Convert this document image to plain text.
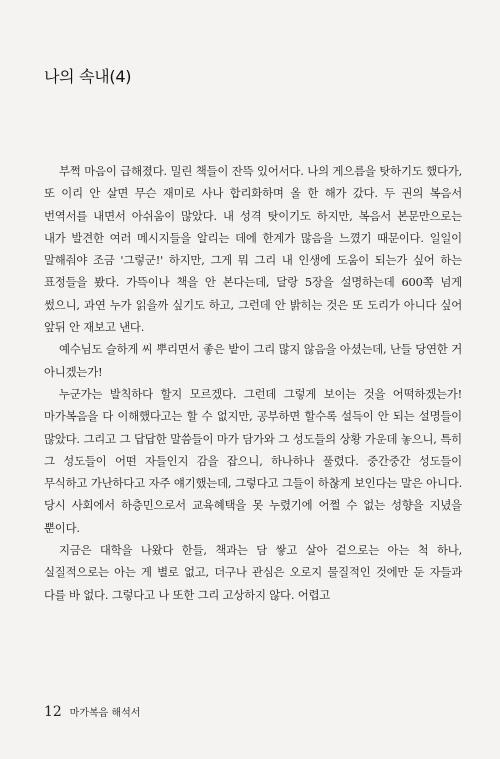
나의 속내(4)

부쩍 마음이 급해졌다. 밀린 책들이 잔뜩 있어서다. 나의 게으름을 탓하기도 했다가, 또 이리 안 살면 무슨 재미로 사나 합리화하며 올 한 해가 갔다. 두 권의 복음서 번역서를 내면서 아쉬움이 많았다. 내 성격 탓이기도 하지만, 복음서 본문만으로는 내가 발견한 여러 메시지들을 알리는 데에 한계가 많음을 느꼈기 때문이다. 일일이 말해줘야 조금 '그렇군!' 하지만, 그게 뭐 그리 내 인생에 도움이 되는가 싶어 하는 표정들을 봤다. 가뜩이나 책을 안 본다는데, 달랑 5장을 설명하는데 600쪽 넘게 썼으니, 과연 누가 읽을까 싶기도 하고, 그런데 안 밝히는 것은 또 도리가 아니다 싶어 앞뒤 안 재보고 낸다.

예수님도 슬하게 씨 뿌리면서 좋은 밭이 그리 많지 않음을 아셨는데, 난들 당연한 거 아니겠는가!

누군가는 발칙하다 할지 모르겠다. 그런데 그렇게 보이는 것을 어떡하겠는가! 마가복음을 다 이해했다고는 할 수 없지만, 공부하면 할수록 설득이 안 되는 설명들이 많았다. 그리고 그 답답한 말씀들이 마가 담가와 그 성도들의 상황 가운데 놓으니, 특히 그 성도들이 어떤 자들인지 감을 잡으니, 하나하나 풀렸다. 중간중간 성도들이 무식하고 가난하다고 자주 얘기했는데, 그렇다고 그들이 하찮게 보인다는 말은 아니다. 당시 사회에서 하층민으로서 교육혜택을 못 누렸기에 어쩔 수 없는 성향을 지녔을 뿐이다.

지금은 대학을 나왔다 한들, 책과는 담 쌓고 살아 겉으로는 아는 척 하나, 실질적으로는 아는 게 별로 없고, 더구나 관심은 오로지 물질적인 것에만 둔 자들과 다를 바 없다. 그렇다고 나 또한 그리 고상하지 않다. 어렵고

12 마가복음 해석서
